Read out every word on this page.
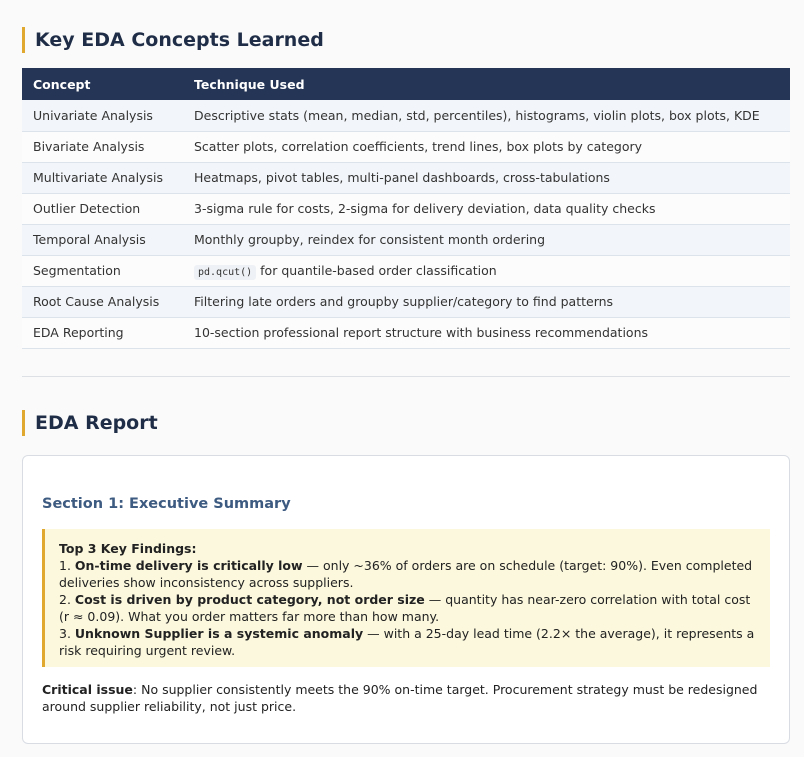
Key EDA Concepts Learned
Concept	Technique Used
Univariate Analysis	Descriptive stats (mean, median, std, percentiles), histograms, violin plots, box plots, KDE
Bivariate Analysis	Scatter plots, correlation coefficients, trend lines, box plots by category
Multivariate Analysis	Heatmaps, pivot tables, multi-panel dashboards, cross-tabulations
Outlier Detection	3-sigma rule for costs, 2-sigma for delivery deviation, data quality checks
Temporal Analysis	Monthly groupby, reindex for consistent month ordering
Segmentation	pd.qcut() for quantile-based order classification
Root Cause Analysis	Filtering late orders and groupby supplier/category to find patterns
EDA Reporting	10-section professional report structure with business recommendations
EDA Report
Section 1: Executive Summary

Top 3 Key Findings:

1. On-time delivery is critically low — only ~36% of orders are on schedule (target: 90%). Even completed deliveries show inconsistency across suppliers.

2. Cost is driven by product category, not order size — quantity has near-zero correlation with total cost (r ≈ 0.09). What you order matters far more than how many.

3. Unknown Supplier is a systemic anomaly — with a 25-day lead time (2.2× the average), it represents a risk requiring urgent review.

Critical issue: No supplier consistently meets the 90% on-time target. Procurement strategy must be redesigned around supplier reliability, not just price.
